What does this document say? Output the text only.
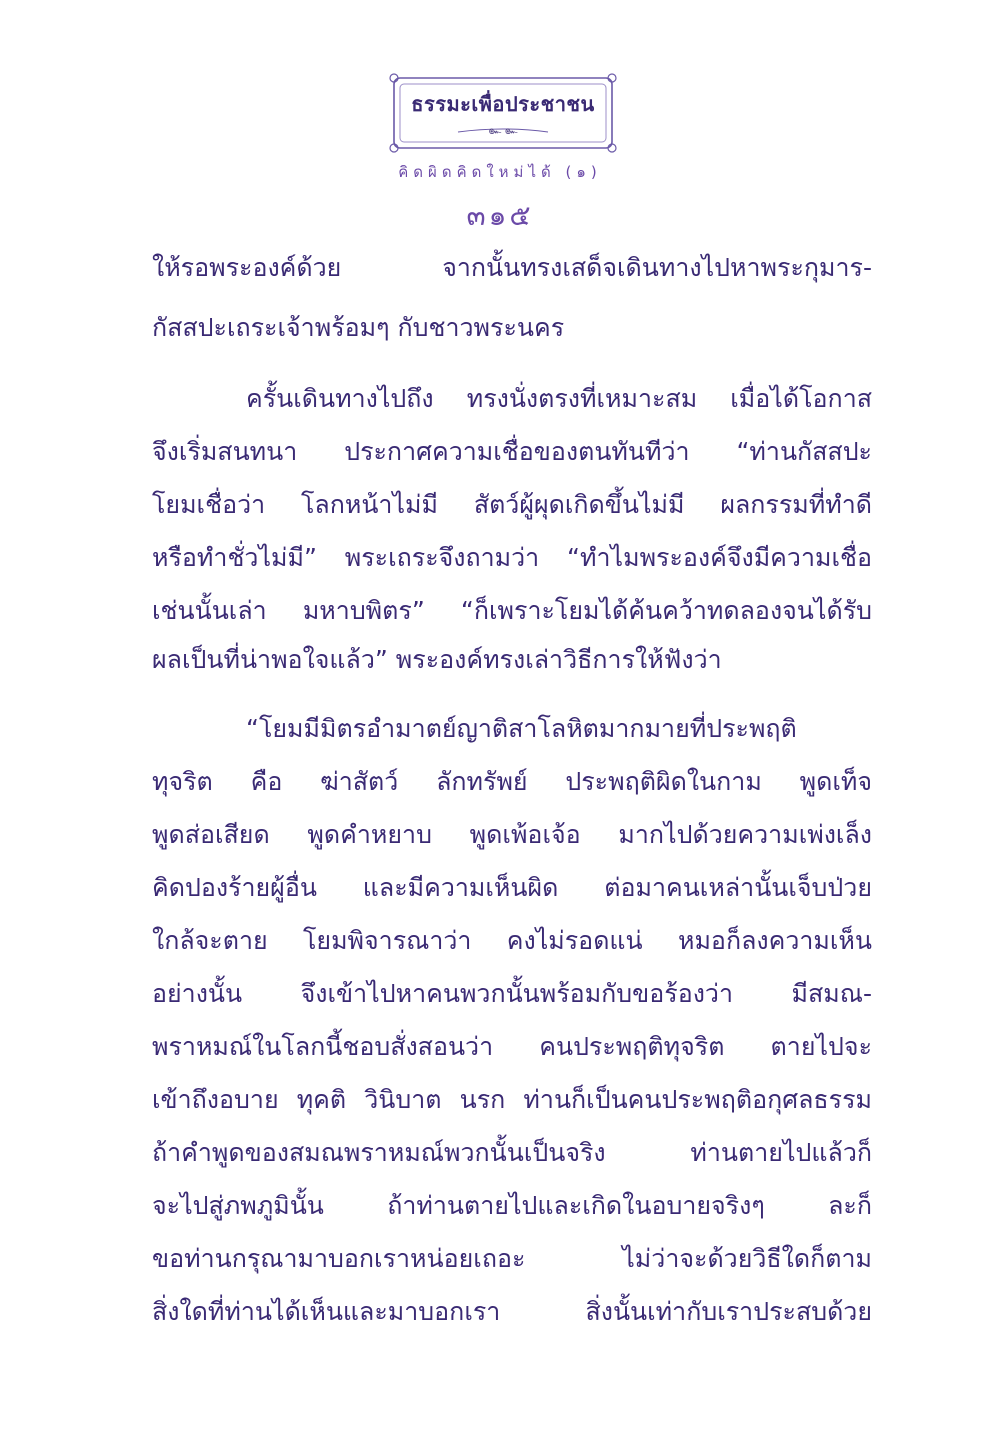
ธรรมะเพื่อประชาชน
๛ ๛
คิดผิดคิดใหม่ได้ (๑)
๓๑๕
ให้รอพระองค์ด้วย จากนั้นทรงเสด็จเดินทางไปหาพระกุมาร-
กัสสปะเถระเจ้าพร้อมๆ กับชาวพระนคร
ครั้นเดินทางไปถึง ทรงนั่งตรงที่เหมาะสม เมื่อได้โอกาส
จึงเริ่มสนทนา ประกาศความเชื่อของตนทันทีว่า “ท่านกัสสปะ
โยมเชื่อว่า โลกหน้าไม่มี สัตว์ผู้ผุดเกิดขึ้นไม่มี ผลกรรมที่ทำดี
หรือทำชั่วไม่มี” พระเถระจึงถามว่า “ทำไมพระองค์จึงมีความเชื่อ
เช่นนั้นเล่า มหาบพิตร” “ก็เพราะโยมได้ค้นคว้าทดลองจนได้รับ
ผลเป็นที่น่าพอใจแล้ว” พระองค์ทรงเล่าวิธีการให้ฟังว่า
“โยมมีมิตรอำมาตย์ญาติสาโลหิตมากมายที่ประพฤติ
ทุจริต คือ ฆ่าสัตว์ ลักทรัพย์ ประพฤติผิดในกาม พูดเท็จ
พูดส่อเสียด พูดคำหยาบ พูดเพ้อเจ้อ มากไปด้วยความเพ่งเล็ง
คิดปองร้ายผู้อื่น และมีความเห็นผิด ต่อมาคนเหล่านั้นเจ็บป่วย
ใกล้จะตาย โยมพิจารณาว่า คงไม่รอดแน่ หมอก็ลงความเห็น
อย่างนั้น จึงเข้าไปหาคนพวกนั้นพร้อมกับขอร้องว่า มีสมณ-
พราหมณ์ในโลกนี้ชอบสั่งสอนว่า คนประพฤติทุจริต ตายไปจะ
เข้าถึงอบาย ทุคติ วินิบาต นรก ท่านก็เป็นคนประพฤติอกุศลธรรม
ถ้าคำพูดของสมณพราหมณ์พวกนั้นเป็นจริง ท่านตายไปแล้วก็
จะไปสู่ภพภูมินั้น ถ้าท่านตายไปและเกิดในอบายจริงๆ ละก็
ขอท่านกรุณามาบอกเราหน่อยเถอะ ไม่ว่าจะด้วยวิธีใดก็ตาม
สิ่งใดที่ท่านได้เห็นและมาบอกเรา สิ่งนั้นเท่ากับเราประสบด้วย
